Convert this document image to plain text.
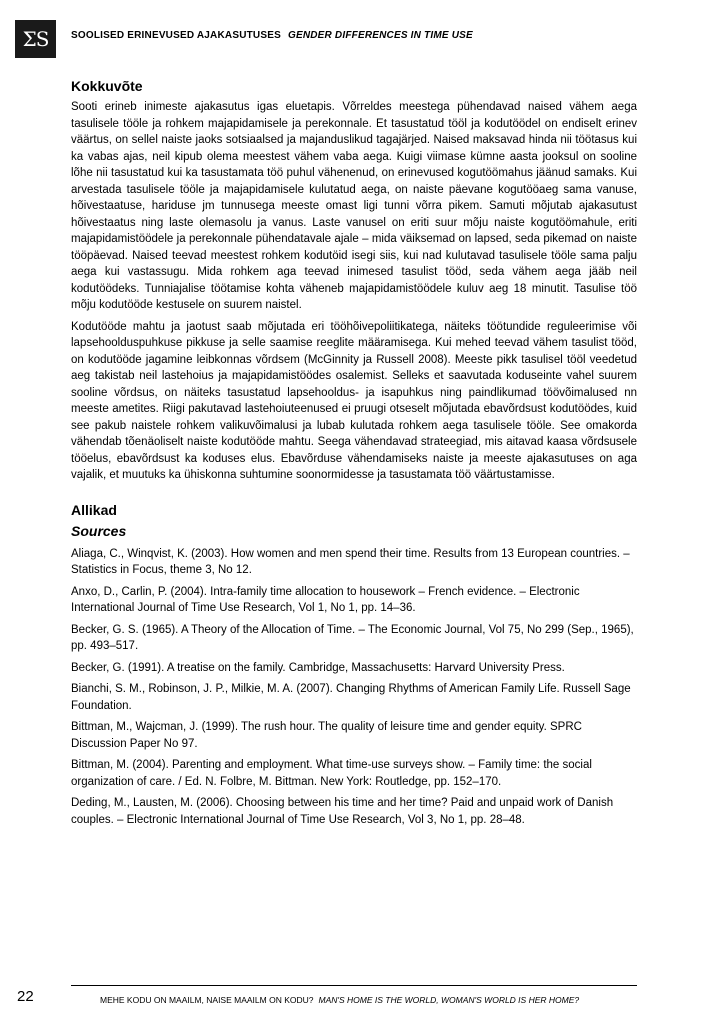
ΣS SOOLISED ERINEVUSED AJAKASUTUSES GENDER DIFFERENCES IN TIME USE
Kokkuvõte

Sooti erineb inimeste ajakasutus igas eluetapis. Võrreldes meestega pühendavad naised vähem aega tasulisele tööle ja rohkem majapidamisele ja perekonnale. Et tasustatud tööl ja kodutöödel on endiselt erinev väärtus, on sellel naiste jaoks sotsiaalsed ja majanduslikud tagajärjed. Naised maksavad hinda nii töötasus kui ka vabas ajas, neil kipub olema meestest vähem vaba aega. Kuigi viimase kümne aasta jooksul on sooline lõhe nii tasustatud kui ka tasustamata töö puhul vähenenud, on erinevused kogutöömahus jäänud samaks. Kui arvestada tasulisele tööle ja majapidamisele kulutatud aega, on naiste päevane kogutööaeg sama vanuse, hõivestaatuse, hariduse jm tunnusega meeste omast ligi tunni võrra pikem. Samuti mõjutab ajakasutust hõivestaatus ning laste olemasolu ja vanus. Laste vanusel on eriti suur mõju naiste kogutöömahule, eriti majapidamistöödele ja perekonnale pühendatavale ajale – mida väiksemad on lapsed, seda pikemad on naiste tööpäevad. Naised teevad meestest rohkem kodutöid isegi siis, kui nad kulutavad tasulisele tööle sama palju aega kui vastassugu. Mida rohkem aga teevad inimesed tasulist tööd, seda vähem aega jääb neil kodutöödeks. Tunniajalise töötamise kohta väheneb majapidamistöödele kuluv aeg 18 minutit. Tasulise töö mõju kodutööde kestusele on suurem naistel.

Kodutööde mahtu ja jaotust saab mõjutada eri tööhõivepoliitikatega, näiteks töötundide reguleerimise või lapsehoolduspuhkuse pikkuse ja selle saamise reeglite määramisega. Kui mehed teevad vähem tasulist tööd, on kodutööde jagamine leibkonnas võrdsem (McGinnity ja Russell 2008). Meeste pikk tasulisel tööl veedetud aeg takistab neil lastehoius ja majapidamistöödes osalemist. Selleks et saavutada koduseinte vahel suurem sooline võrdsus, on näiteks tasustatud lapsehooldus- ja isapuhkus ning paindlikumad töövõimalused nn meeste ametites. Riigi pakutavad lastehoiuteenused ei pruugi otseselt mõjutada ebavõrdsust kodutöödes, kuid see pakub naistele rohkem valikuvõimalusi ja lubab kulutada rohkem aega tasulisele tööle. See omakorda vähendab tõenäoliselt naiste kodutööde mahtu. Seega vähendavad strateegiad, mis aitavad kaasa võrdsusele tööelus, ebavõrdsust ka koduses elus. Ebavõrduse vähendamiseks naiste ja meeste ajakasutuses on aga vajalik, et muutuks ka ühiskonna suhtumine soonormidesse ja tasustamata töö väärtustamisse.

Allikad
Sources

Aliaga, C., Winqvist, K. (2003). How women and men spend their time. Results from 13 European countries. – Statistics in Focus, theme 3, No 12.

Anxo, D., Carlin, P. (2004). Intra-family time allocation to housework – French evidence. – Electronic International Journal of Time Use Research, Vol 1, No 1, pp. 14–36.

Becker, G. S. (1965). A Theory of the Allocation of Time. – The Economic Journal, Vol 75, No 299 (Sep., 1965), pp. 493–517.

Becker, G. (1991). A treatise on the family. Cambridge, Massachusetts: Harvard University Press.

Bianchi, S. M., Robinson, J. P., Milkie, M. A. (2007). Changing Rhythms of American Family Life. Russell Sage Foundation.

Bittman, M., Wajcman, J. (1999). The rush hour. The quality of leisure time and gender equity. SPRC Discussion Paper No 97.

Bittman, M. (2004). Parenting and employment. What time-use surveys show. – Family time: the social organization of care. / Ed. N. Folbre, M. Bittman. New York: Routledge, pp. 152–170.

Deding, M., Lausten, M. (2006). Choosing between his time and her time? Paid and unpaid work of Danish couples. – Electronic International Journal of Time Use Research, Vol 3, No 1, pp. 28–48.

22	MEHE KODU ON MAAILM, NAISE MAAILM ON KODU? MAN'S HOME IS THE WORLD, WOMAN'S WORLD IS HER HOME?
